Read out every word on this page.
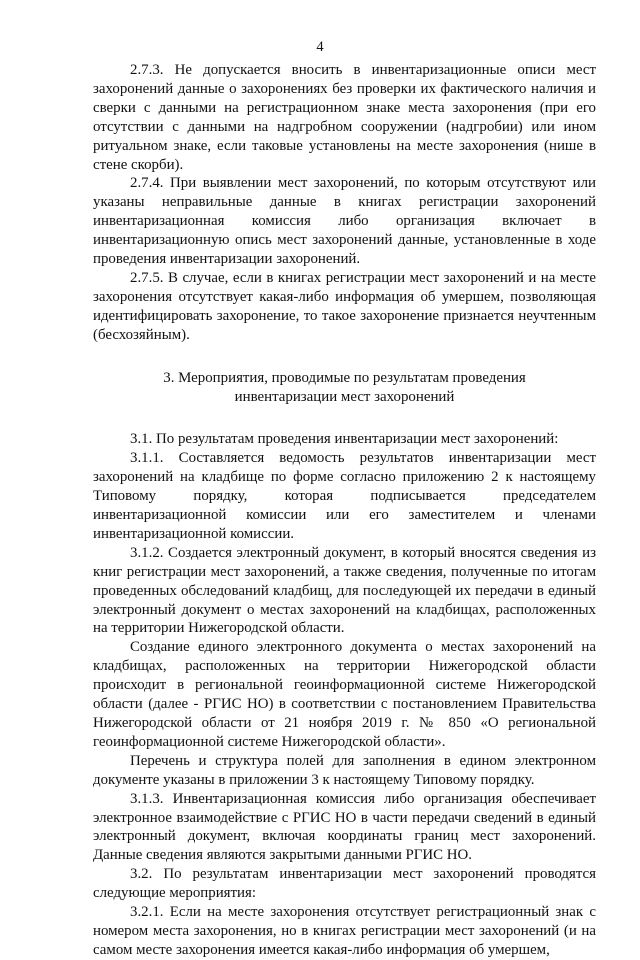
4

2.7.3. Не допускается вносить в инвентаризационные описи мест захоронений данные о захоронениях без проверки их фактического наличия и сверки с данными на регистрационном знаке места захоронения (при его отсутствии с данными на надгробном сооружении (надгробии) или ином ритуальном знаке, если таковые установлены на месте захоронения (нише в стене скорби).

2.7.4. При выявлении мест захоронений, по которым отсутствуют или указаны неправильные данные в книгах регистрации захоронений инвентаризационная комиссия либо организация включает в инвентаризационную опись мест захоронений данные, установленные в ходе проведения инвентаризации захоронений.

2.7.5. В случае, если в книгах регистрации мест захоронений и на месте захоронения отсутствует какая-либо информация об умершем, позволяющая идентифицировать захоронение, то такое захоронение признается неучтенным (бесхозяйным).

3. Мероприятия, проводимые по результатам проведения
инвентаризации мест захоронений

3.1. По результатам проведения инвентаризации мест захоронений:

3.1.1. Составляется ведомость результатов инвентаризации мест захоронений на кладбище по форме согласно приложению 2 к настоящему Типовому порядку, которая подписывается председателем инвентаризационной комиссии или его заместителем и членами инвентаризационной комиссии.

3.1.2. Создается электронный документ, в который вносятся сведения из книг регистрации мест захоронений, а также сведения, полученные по итогам проведенных обследований кладбищ, для последующей их передачи в единый электронный документ о местах захоронений на кладбищах, расположенных на территории Нижегородской области.

Создание единого электронного документа о местах захоронений на кладбищах, расположенных на территории Нижегородской области происходит в региональной геоинформационной системе Нижегородской области (далее - РГИС НО) в соответствии с постановлением Правительства Нижегородской области от 21 ноября 2019 г. № 850 «О региональной геоинформационной системе Нижегородской области».

Перечень и структура полей для заполнения в едином электронном документе указаны в приложении 3 к настоящему Типовому порядку.

3.1.3. Инвентаризационная комиссия либо организация обеспечивает электронное взаимодействие с РГИС НО в части передачи сведений в единый электронный документ, включая координаты границ мест захоронений. Данные сведения являются закрытыми данными РГИС НО.

3.2. По результатам инвентаризации мест захоронений проводятся следующие мероприятия:

3.2.1. Если на месте захоронения отсутствует регистрационный знак с номером места захоронения, но в книгах регистрации мест захоронений (и на самом месте захоронения имеется какая-либо информация об умершем,
